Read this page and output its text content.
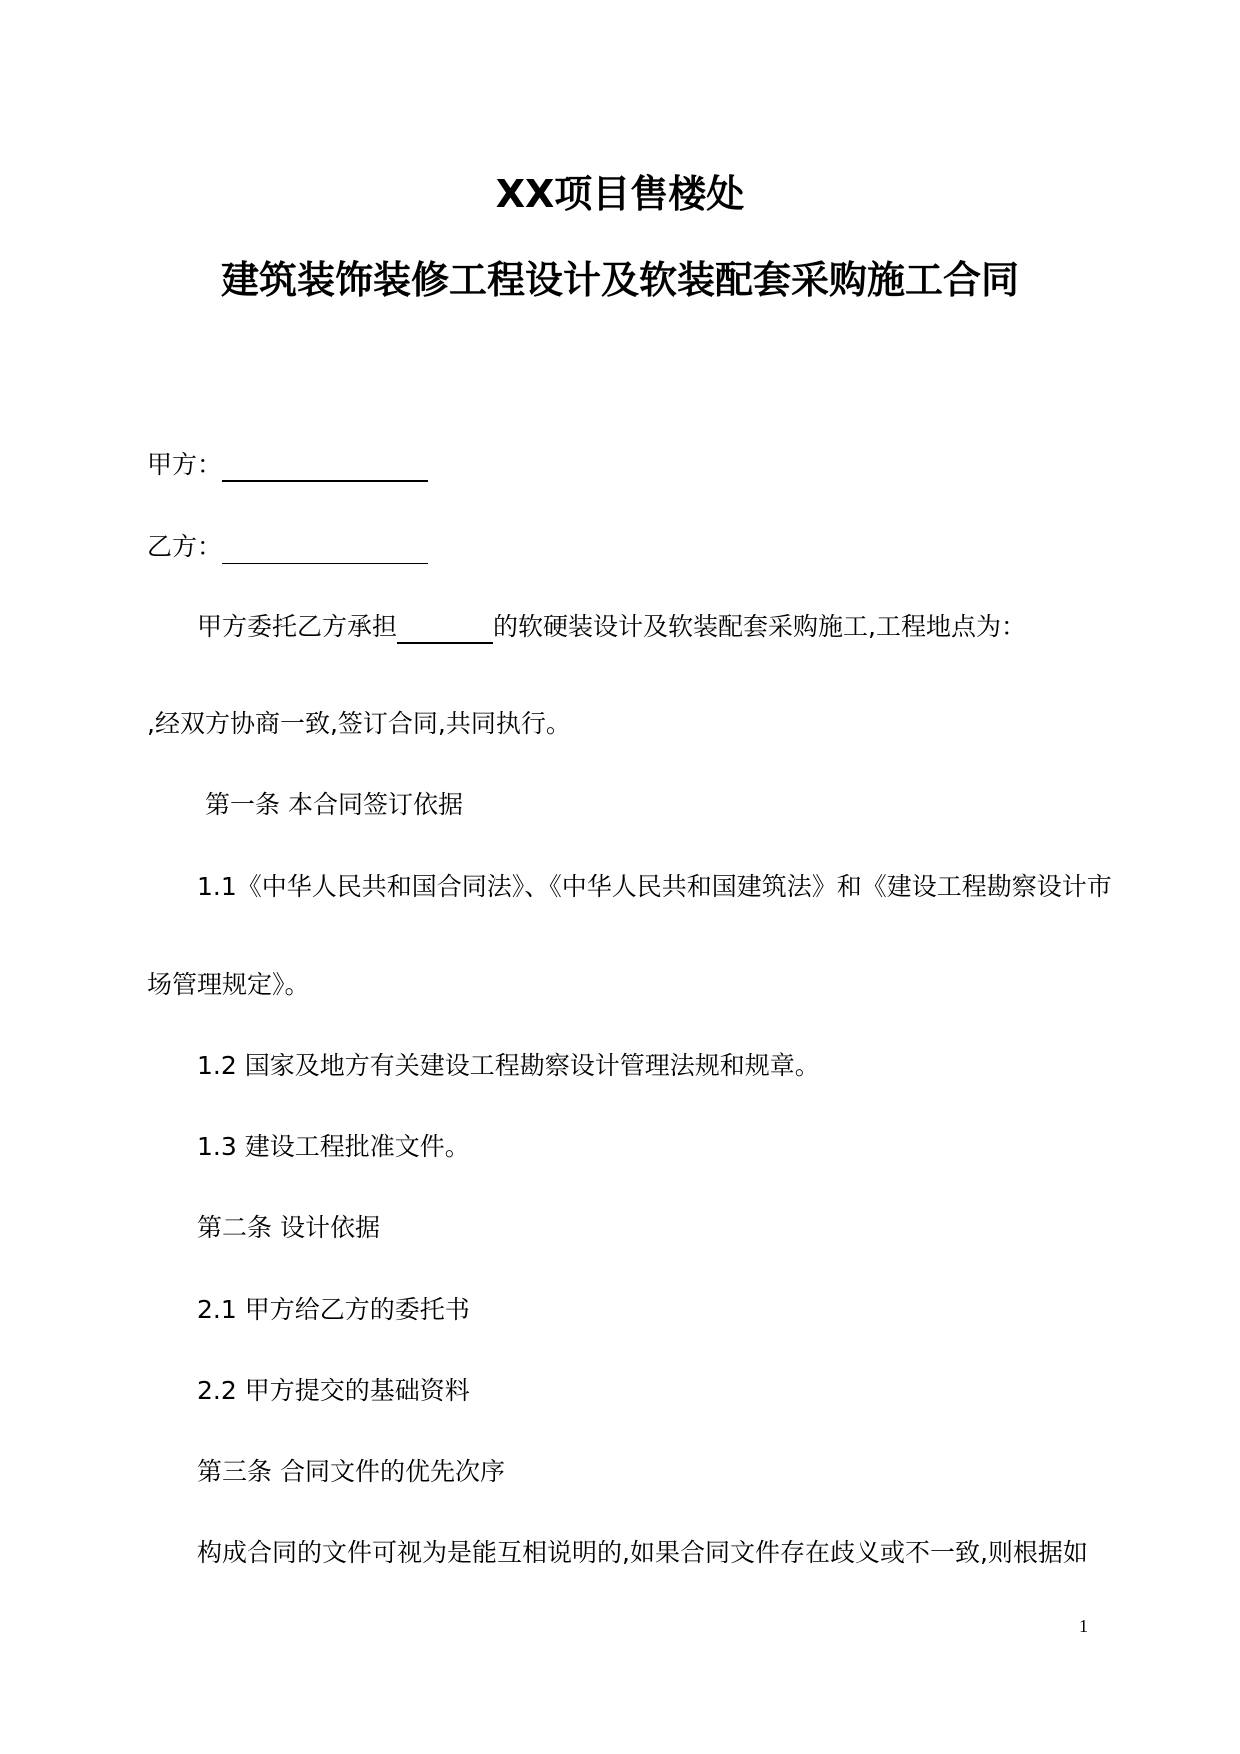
XX项目售楼处
建筑装饰装修工程设计及软装配套采购施工合同
甲方：
乙方：
甲方委托乙方承担	的软硬装设计及软装配套采购施工,工程地点为：
,经双方协商一致,签订合同,共同执行。
第一条 本合同签订依据
1.1《中华人民共和国合同法》、《中华人民共和国建筑法》和《建设工程勘察设计市
场管理规定》。
1.2 国家及地方有关建设工程勘察设计管理法规和规章。
1.3 建设工程批准文件。
第二条 设计依据
2.1 甲方给乙方的委托书
2.2 甲方提交的基础资料
第三条 合同文件的优先次序
构成合同的文件可视为是能互相说明的,如果合同文件存在歧义或不一致,则根据如
1
